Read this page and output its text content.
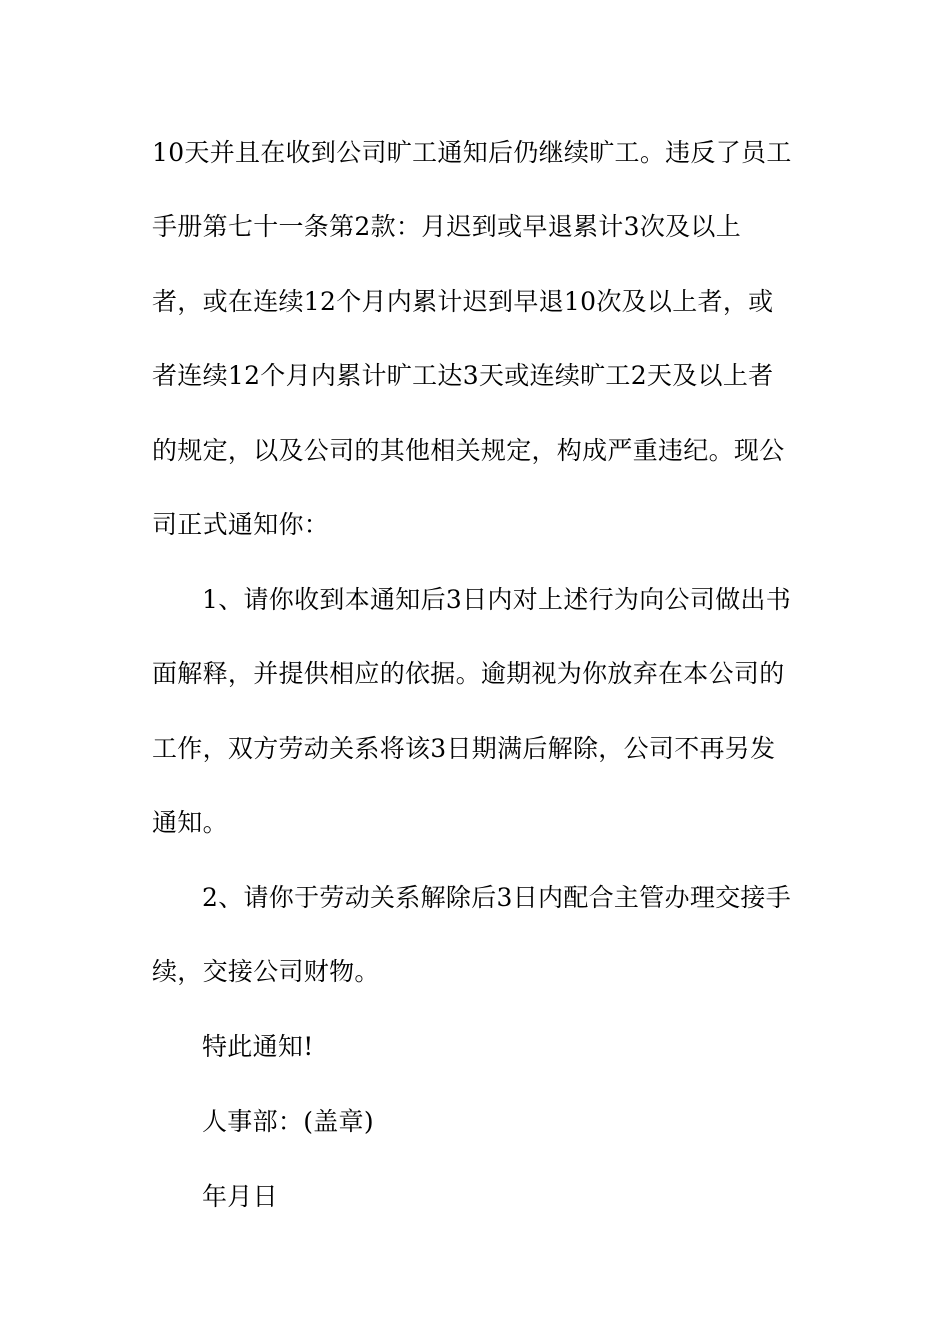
10天并且在收到公司旷工通知后仍继续旷工。违反了员工
手册第七十一条第2款：月迟到或早退累计3次及以上
者，或在连续12个月内累计迟到早退10次及以上者，或
者连续12个月内累计旷工达3天或连续旷工2天及以上者
的规定，以及公司的其他相关规定，构成严重违纪。现公
司正式通知你：
1、请你收到本通知后3日内对上述行为向公司做出书
面解释，并提供相应的依据。逾期视为你放弃在本公司的
工作，双方劳动关系将该3日期满后解除，公司不再另发
通知。
2、请你于劳动关系解除后3日内配合主管办理交接手
续，交接公司财物。
特此通知!
人事部：(盖章)
年月日
